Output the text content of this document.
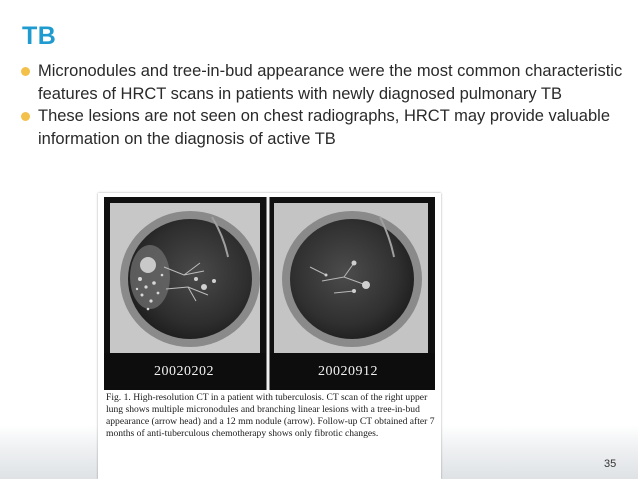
TB
Micronodules and tree-in-bud appearance were the most common characteristic features of HRCT scans in patients with newly diagnosed pulmonary TB
These lesions are not seen on chest radiographs, HRCT may provide valuable information on the diagnosis of active TB
20020202	20020912
Fig. 1. High-resolution CT in a patient with tuberculosis. CT scan of the right upper lung shows multiple micronodules and branching linear lesions with a tree-in-bud appearance (arrow head) and a 12 mm nodule (arrow). Follow-up CT obtained after 7 months of anti-tuberculous chemotherapy shows only fibrotic changes.
35
